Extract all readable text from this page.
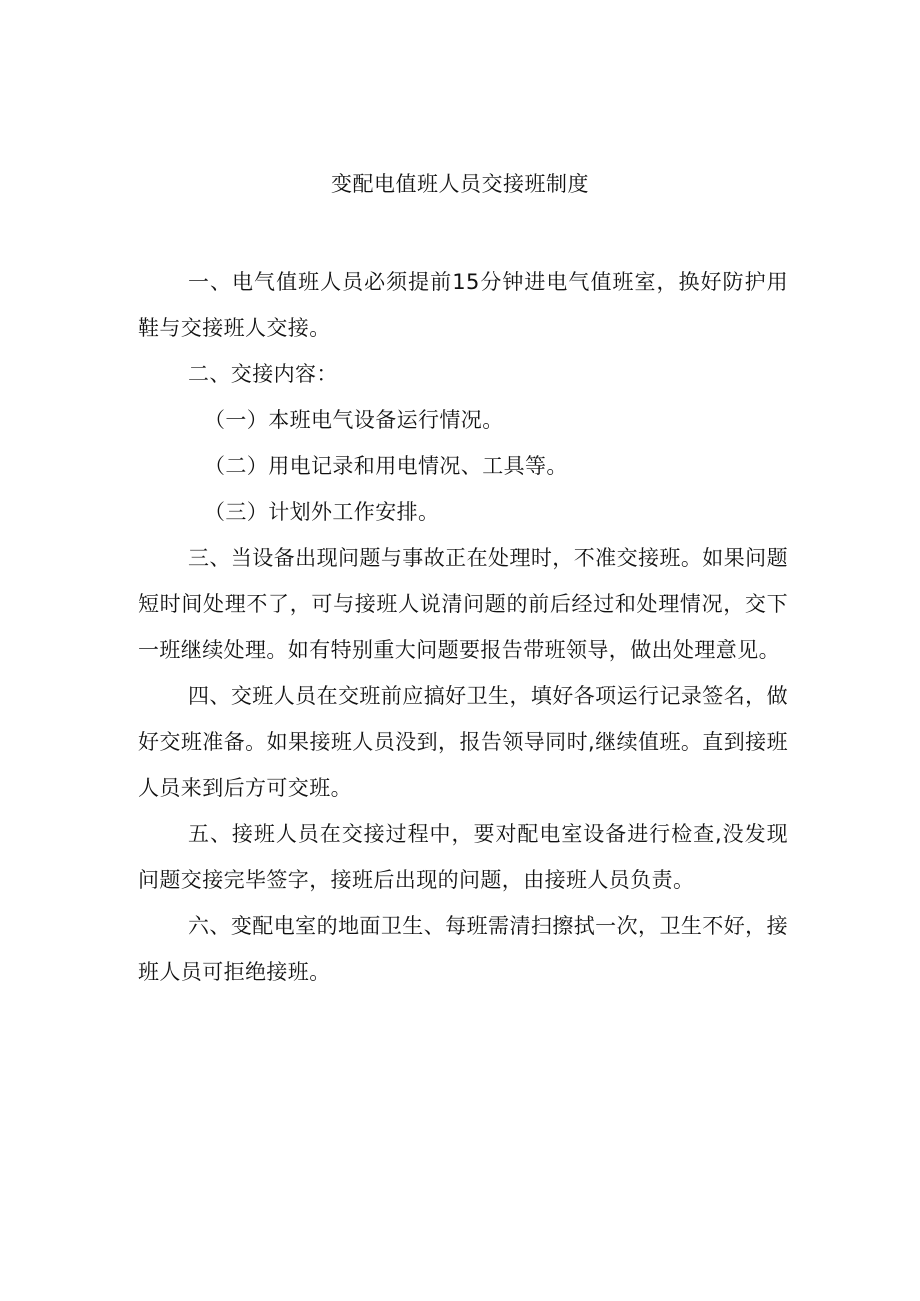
变配电值班人员交接班制度

一、电气值班人员必须提前15分钟进电气值班室，换好防护用鞋与交接班人交接。

二、交接内容：

（一）本班电气设备运行情况。

（二）用电记录和用电情况、工具等。

（三）计划外工作安排。

三、当设备出现问题与事故正在处理时，不准交接班。如果问题短时间处理不了，可与接班人说清问题的前后经过和处理情况，交下一班继续处理。如有特别重大问题要报告带班领导，做出处理意见。

四、交班人员在交班前应搞好卫生，填好各项运行记录签名，做好交班准备。如果接班人员没到，报告领导同时,继续值班。直到接班人员来到后方可交班。

五、接班人员在交接过程中，要对配电室设备进行检查,没发现问题交接完毕签字，接班后出现的问题，由接班人员负责。

六、变配电室的地面卫生、每班需清扫擦拭一次，卫生不好，接班人员可拒绝接班。
